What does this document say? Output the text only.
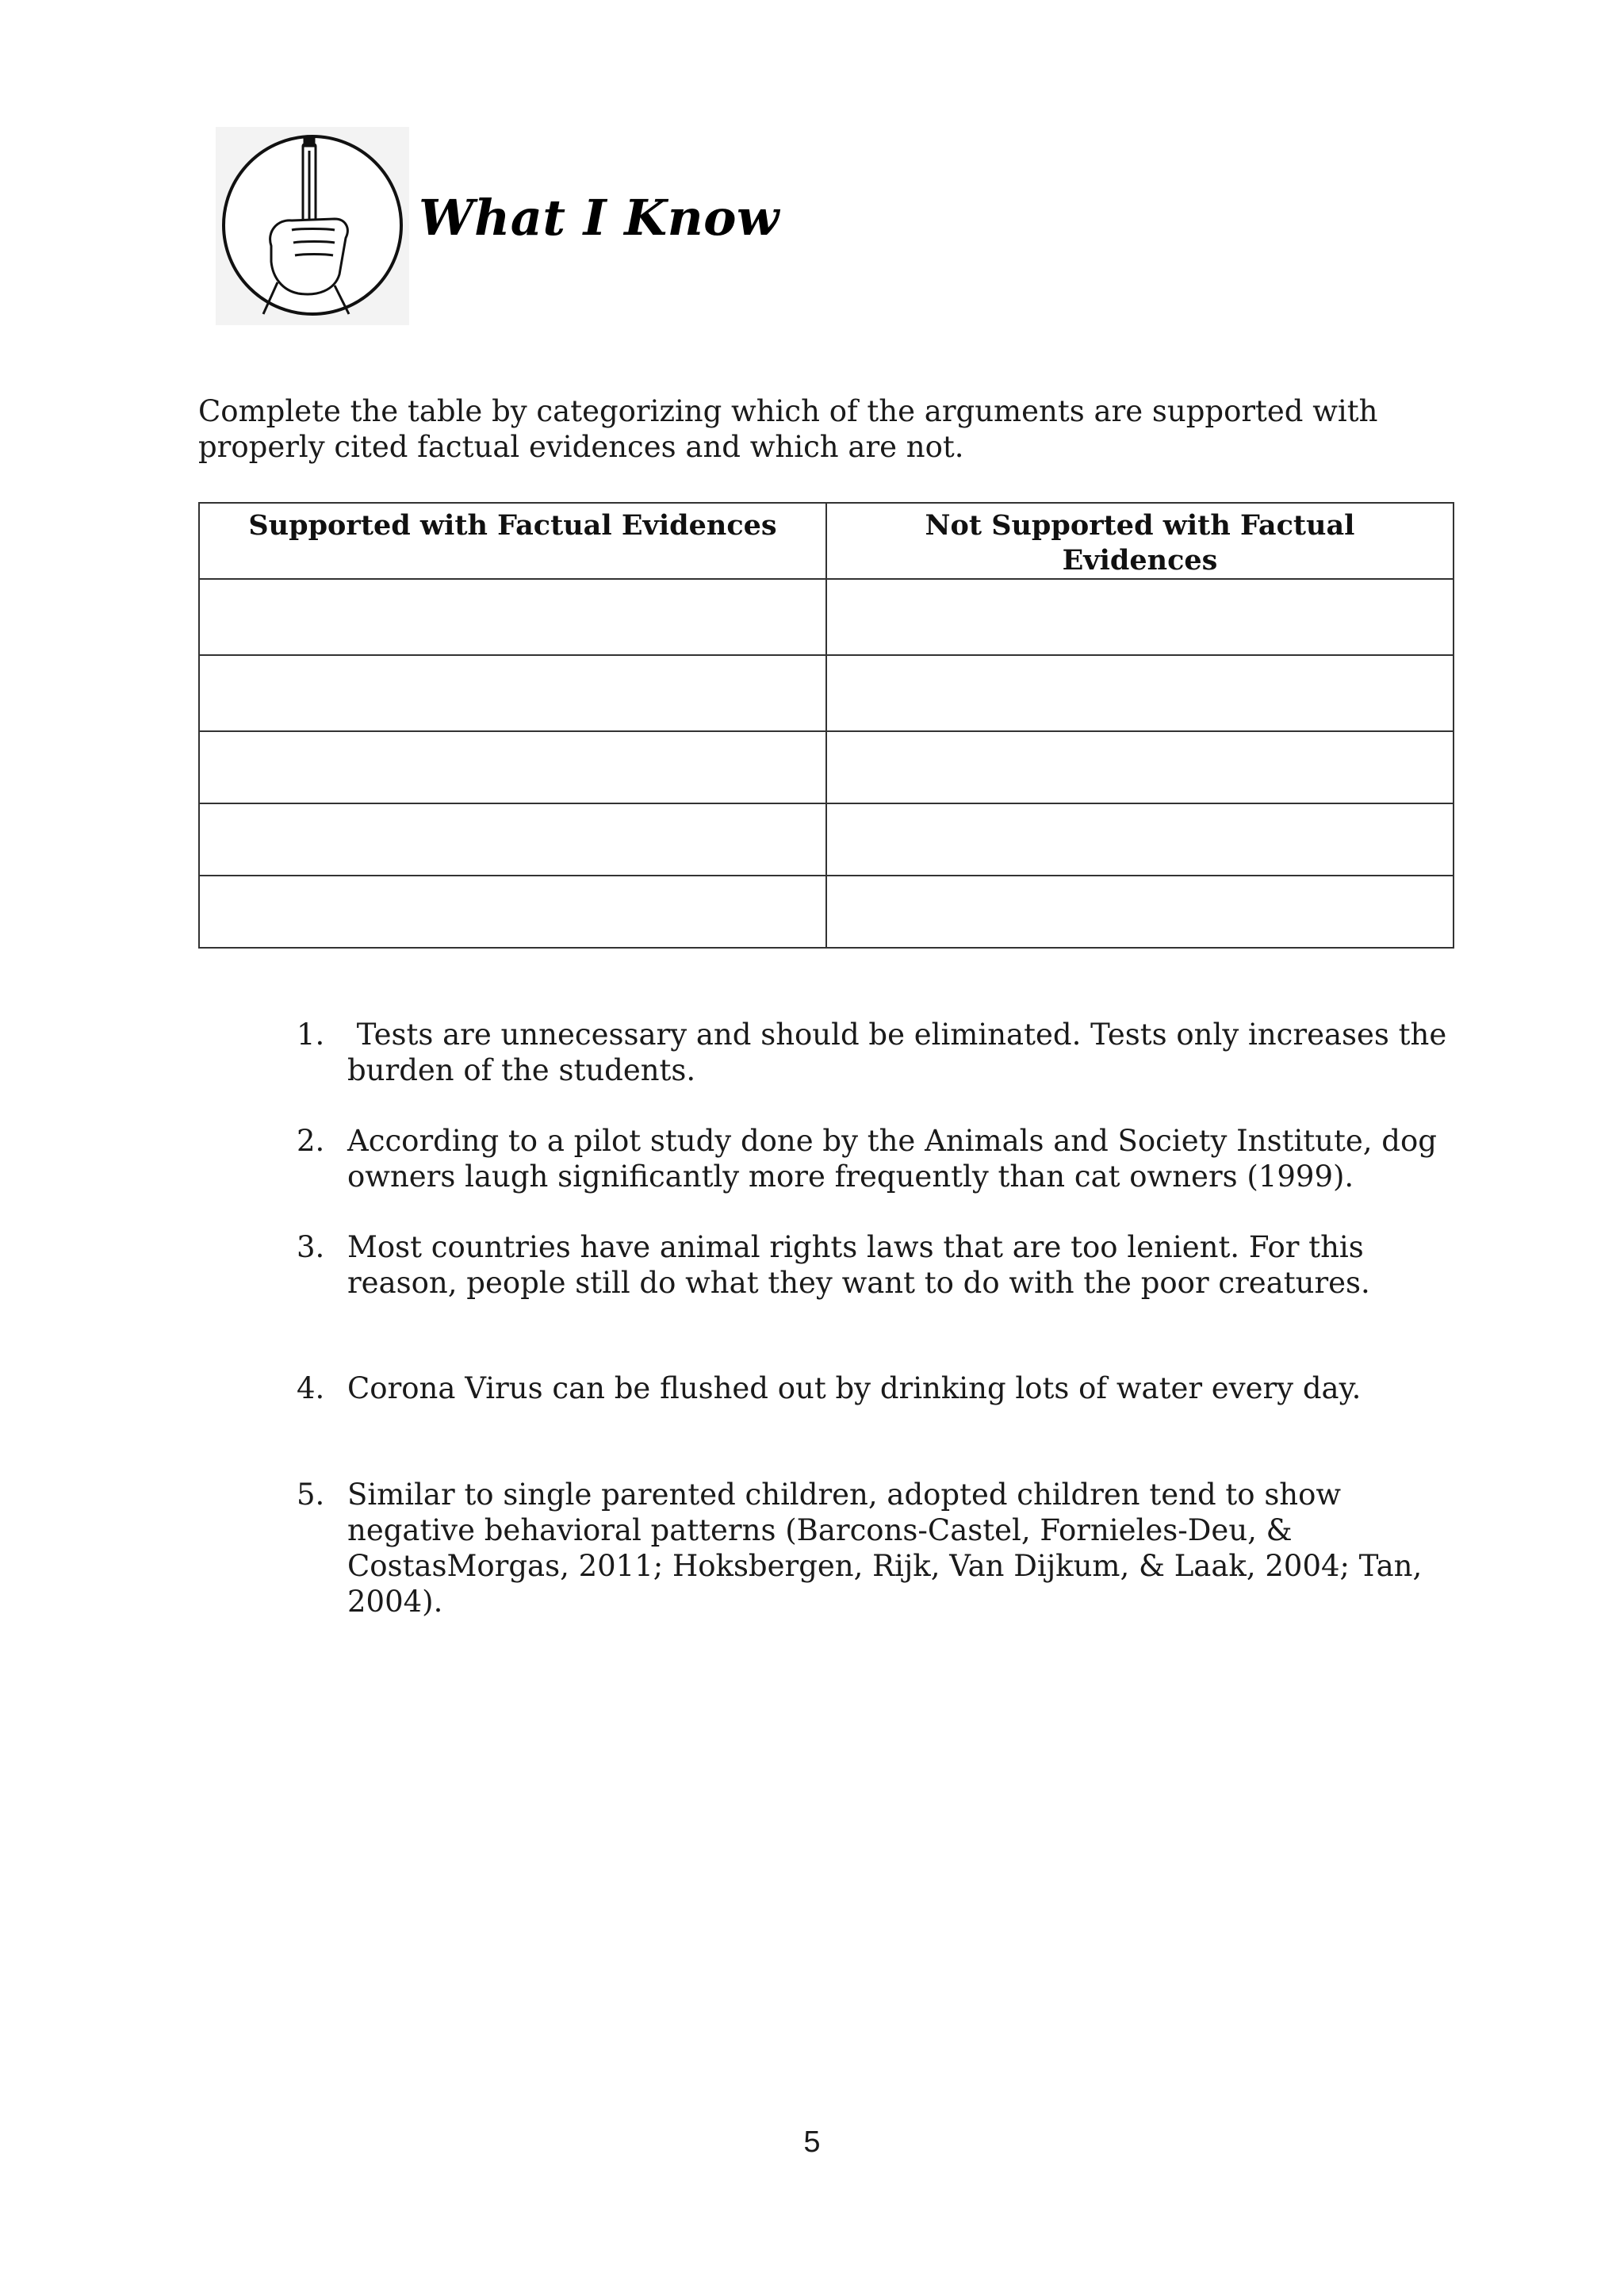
What I Know

Complete the table by categorizing which of the arguments are supported with properly cited factual evidences and which are not.

Supported with Factual Evidences	Not Supported with Factual Evidences

1. Tests are unnecessary and should be eliminated. Tests only increases the burden of the students.
2. According to a pilot study done by the Animals and Society Institute, dog owners laugh significantly more frequently than cat owners (1999).
3. Most countries have animal rights laws that are too lenient. For this reason, people still do what they want to do with the poor creatures.
4. Corona Virus can be flushed out by drinking lots of water every day.
5. Similar to single parented children, adopted children tend to show negative behavioral patterns (Barcons-Castel, Fornieles-Deu, & CostasMorgas, 2011; Hoksbergen, Rijk, Van Dijkum, & Laak, 2004; Tan, 2004).
5
